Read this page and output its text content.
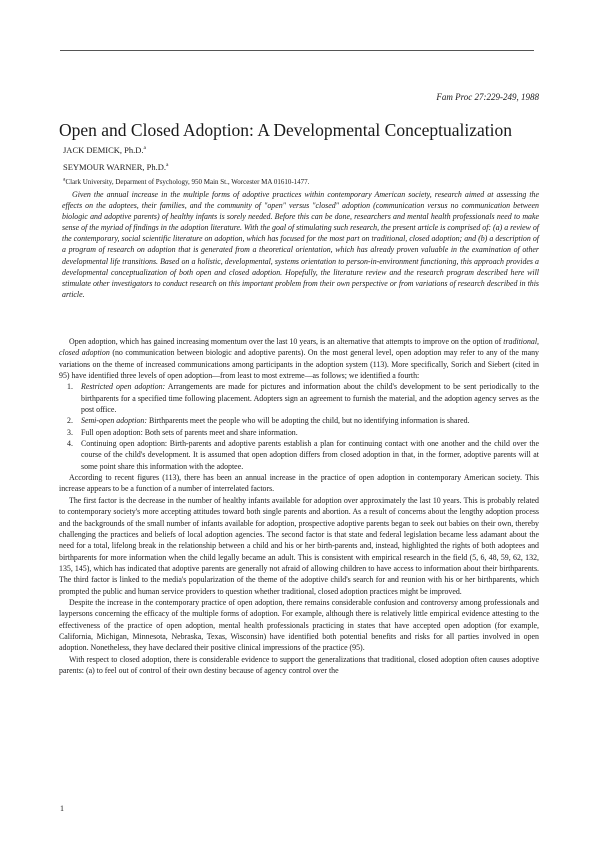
Fam Proc 27:229-249, 1988
Open and Closed Adoption: A Developmental Conceptualization
JACK DEMICK, Ph.D.$^a$
SEYMOUR WARNER, Ph.D.$^a$
$^a$Clark University, Deparment of Psychology, 950 Main St., Worcester MA 01610-1477.

Given the annual increase in the multiple forms of adoptive practices within contemporary American society, research aimed at assessing the effects on the adoptees, their families, and the community of "open" versus "closed" adoption (communication versus no communication between biologic and adoptive parents) of healthy infants is sorely needed. Before this can be done, researchers and mental health professionals need to make sense of the myriad of findings in the adoption literature. With the goal of stimulating such research, the present article is comprised of: (a) a review of the contemporary, social scientific literature on adoption, which has focused for the most part on traditional, closed adoption; and (b) a description of a program of research on adoption that is generated from a theoretical orientation, which has already proven valuable in the examination of other developmental life transitions. Based on a holistic, developmental, systems orientation to person-in-environment functioning, this approach provides a developmental conceptualization of both open and closed adoption. Hopefully, the literature review and the research program described here will stimulate other investigators to conduct research on this important problem from their own perspective or from variations of research described in this article.

Open adoption, which has gained increasing momentum over the last 10 years, is an alternative that attempts to improve on the option of traditional, closed adoption (no communication between biologic and adoptive parents). On the most general level, open adoption may refer to any of the many variations on the theme of increased communications among participants in the adoption system (113). More specifically, Sorich and Siebert (cited in 95) have identified three levels of open adoption—from least to most extreme—as follows; we identified a fourth:

1. Restricted open adoption: Arrangements are made for pictures and information about the child's development to be sent periodically to the birthparents for a specified time following placement. Adopters sign an agreement to furnish the material, and the adoption agency serves as the post office.
2. Semi-open adoption: Birthparents meet the people who will be adopting the child, but no identifying information is shared.
3. Full open adoption: Both sets of parents meet and share information.
4. Continuing open adoption: Birth-parents and adoptive parents establish a plan for continuing contact with one another and the child over the course of the child's development. It is assumed that open adoption differs from closed adoption in that, in the former, adoptive parents will at some point share this information with the adoptee.

According to recent figures (113), there has been an annual increase in the practice of open adoption in contemporary American society. This increase appears to be a function of a number of interrelated factors.

The first factor is the decrease in the number of healthy infants available for adoption over approximately the last 10 years. This is probably related to contemporary society's more accepting attitudes toward both single parents and abortion. As a result of concerns about the lengthy adoption process and the backgrounds of the small number of infants available for adoption, prospective adoptive parents began to seek out babies on their own, thereby challenging the practices and beliefs of local adoption agencies. The second factor is that state and federal legislation became less adamant about the need for a total, lifelong break in the relationship between a child and his or her birth-parents and, instead, highlighted the rights of both adoptees and birthparents for more information when the child legally became an adult. This is consistent with empirical research in the field (5, 6, 48, 59, 62, 132, 135, 145), which has indicated that adoptive parents are generally not afraid of allowing children to have access to information about their birthparents. The third factor is linked to the media's popularization of the theme of the adoptive child's search for and reunion with his or her birthparents, which prompted the public and human service providers to question whether traditional, closed adoption practices might be improved.

Despite the increase in the contemporary practice of open adoption, there remains considerable confusion and controversy among professionals and laypersons concerning the efficacy of the multiple forms of adoption. For example, although there is relatively little empirical evidence attesting to the effectiveness of the practice of open adoption, mental health professionals practicing in states that have accepted open adoption (for example, California, Michigan, Minnesota, Nebraska, Texas, Wisconsin) have identified both potential benefits and risks for all parties involved in open adoption. Nonetheless, they have declared their positive clinical impressions of the practice (95).

With respect to closed adoption, there is considerable evidence to support the generalizations that traditional, closed adoption often causes adoptive parents: (a) to feel out of control of their own destiny because of agency control over the

1
